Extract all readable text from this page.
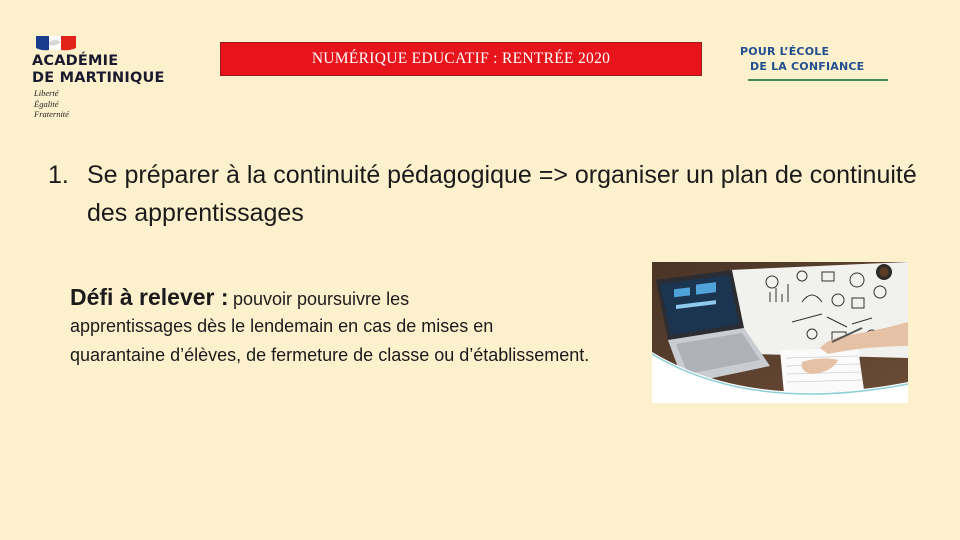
ACADÉMIE
DE MARTINIQUE
Liberté
Égalité
Fraternité
NUMÉRIQUE EDUCATIF : RENTRÉE 2020	POUR L’ÉCOLE
DE LA CONFIANCE
1. Se préparer à la continuité pédagogique => organiser un plan de continuité des apprentissages
Défi à relever : pouvoir poursuivre les
apprentissages dès le lendemain en cas de mises en quarantaine d’élèves, de fermeture de classe ou d’établissement.
